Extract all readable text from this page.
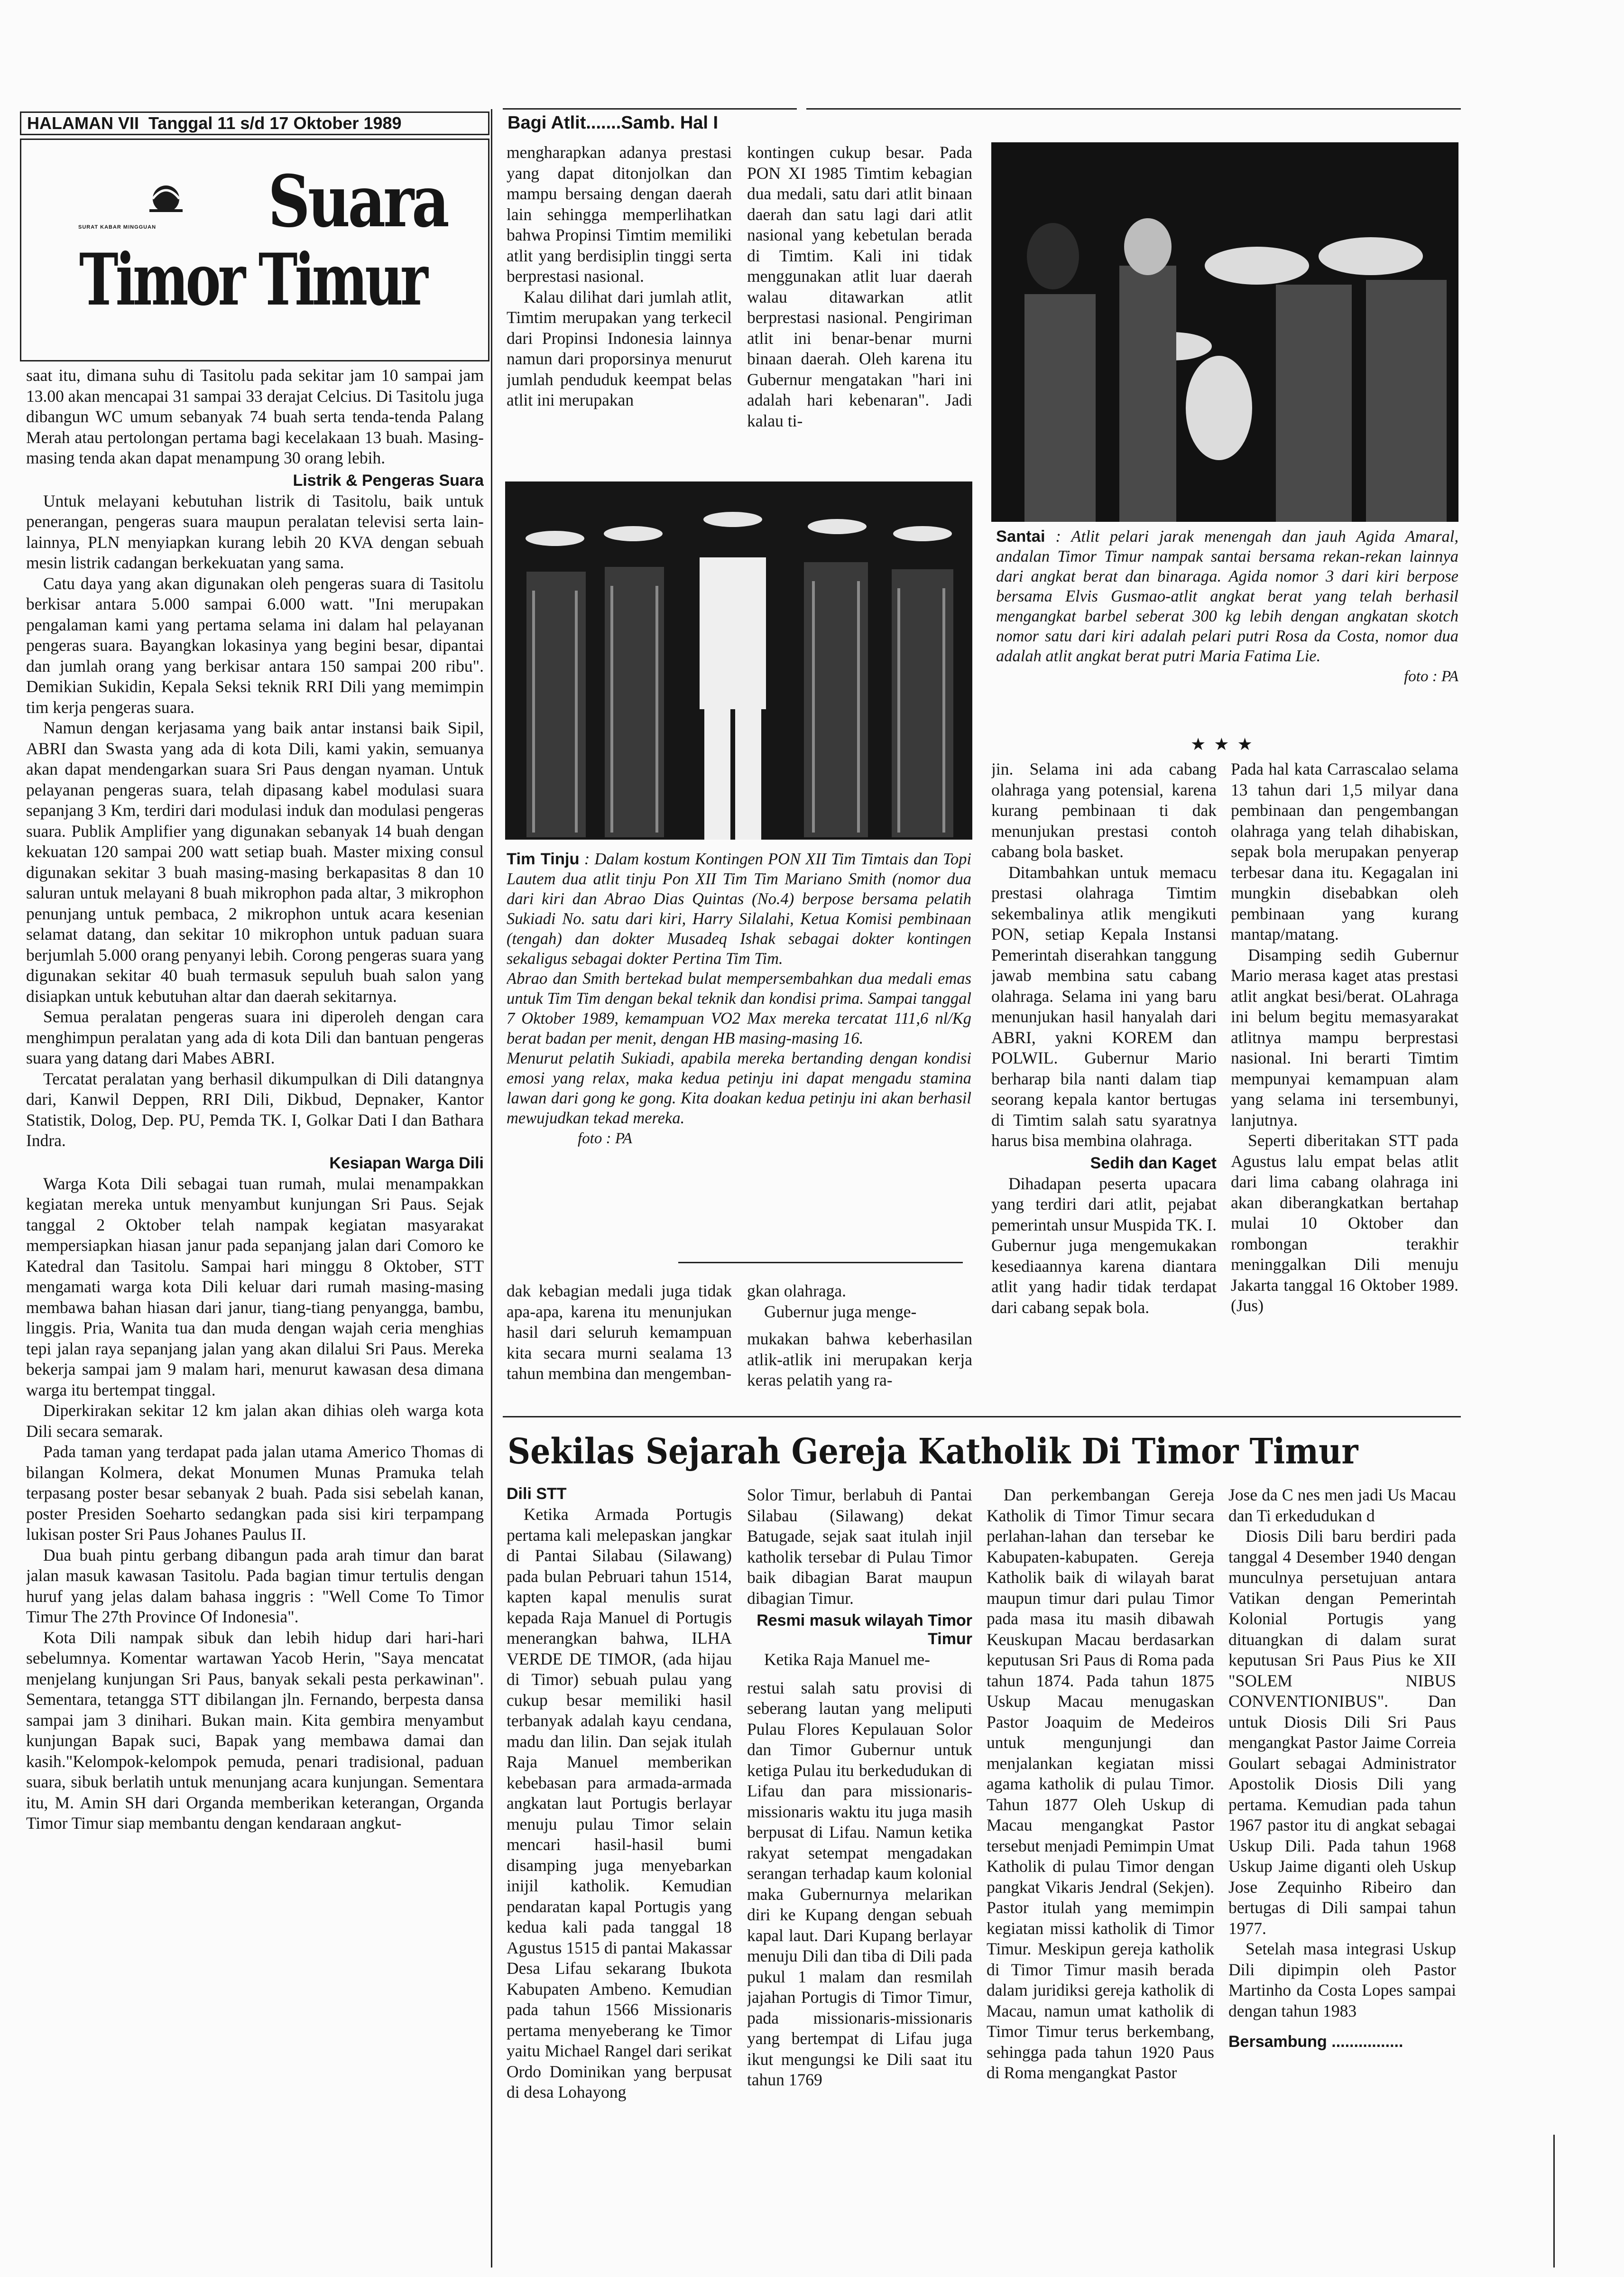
HALAMAN VII  Tanggal 11 s/d 17 Oktober 1989
SURAT KABAR MINGGUAN Suara
Timor Timur

saat itu, dimana suhu di Tasitolu pada sekitar jam 10 sampai jam 13.00 akan mencapai 31 sampai 33 derajat Celcius. Di Tasitolu juga dibangun WC umum sebanyak 74 buah serta tenda-tenda Palang Merah atau pertolongan pertama bagi kecelakaan 13 buah. Masing-masing tenda akan dapat menampung 30 orang lebih.

Listrik & Pengeras Suara

Untuk melayani kebutuhan listrik di Tasitolu, baik untuk penerangan, pengeras suara maupun peralatan televisi serta lain-lainnya, PLN menyiapkan kurang lebih 20 KVA dengan sebuah mesin listrik cadangan berkekuatan yang sama.

Catu daya yang akan digunakan oleh pengeras suara di Tasitolu berkisar antara 5.000 sampai 6.000 watt. "Ini merupakan pengalaman kami yang pertama selama ini dalam hal pelayanan pengeras suara. Bayangkan lokasinya yang begini besar, dipantai dan jumlah orang yang berkisar antara 150 sampai 200 ribu". Demikian Sukidin, Kepala Seksi teknik RRI Dili yang memimpin tim kerja pengeras suara.

Namun dengan kerjasama yang baik antar instansi baik Sipil, ABRI dan Swasta yang ada di kota Dili, kami yakin, semuanya akan dapat mendengarkan suara Sri Paus dengan nyaman. Untuk pelayanan pengeras suara, telah dipasang kabel modulasi suara sepanjang 3 Km, terdiri dari modulasi induk dan modulasi pengeras suara. Publik Amplifier yang digunakan sebanyak 14 buah dengan kekuatan 120 sampai 200 watt setiap buah. Master mixing consul digunakan sekitar 3 buah masing-masing berkapasitas 8 dan 10 saluran untuk melayani 8 buah mikrophon pada altar, 3 mikrophon penunjang untuk pembaca, 2 mikrophon untuk acara kesenian selamat datang, dan sekitar 10 mikrophon untuk paduan suara berjumlah 5.000 orang penyanyi lebih. Corong pengeras suara yang digunakan sekitar 40 buah termasuk sepuluh buah salon yang disiapkan untuk kebutuhan altar dan daerah sekitarnya.

Semua peralatan pengeras suara ini diperoleh dengan cara menghimpun peralatan yang ada di kota Dili dan bantuan pengeras suara yang datang dari Mabes ABRI.

Tercatat peralatan yang berhasil dikumpulkan di Dili datangnya dari, Kanwil Deppen, RRI Dili, Dikbud, Depnaker, Kantor Statistik, Dolog, Dep. PU, Pemda TK. I, Golkar Dati I dan Bathara Indra.

Kesiapan Warga Dili

Warga Kota Dili sebagai tuan rumah, mulai menampakkan kegiatan mereka untuk menyambut kunjungan Sri Paus. Sejak tanggal 2 Oktober telah nampak kegiatan masyarakat mempersiapkan hiasan janur pada sepanjang jalan dari Comoro ke Katedral dan Tasitolu. Sampai hari minggu 8 Oktober, STT mengamati warga kota Dili keluar dari rumah masing-masing membawa bahan hiasan dari janur, tiang-tiang penyangga, bambu, linggis. Pria, Wanita tua dan muda dengan wajah ceria menghias tepi jalan raya sepanjang jalan yang akan dilalui Sri Paus. Mereka bekerja sampai jam 9 malam hari, menurut kawasan desa dimana warga itu bertempat tinggal.

Diperkirakan sekitar 12 km jalan akan dihias oleh warga kota Dili secara semarak.

Pada taman yang terdapat pada jalan utama Americo Thomas di bilangan Kolmera, dekat Monumen Munas Pramuka telah terpasang poster besar sebanyak 2 buah. Pada sisi sebelah kanan, poster Presiden Soeharto sedangkan pada sisi kiri terpampang lukisan poster Sri Paus Johanes Paulus II.

Dua buah pintu gerbang dibangun pada arah timur dan barat jalan masuk kawasan Tasitolu. Pada bagian timur tertulis dengan huruf yang jelas dalam bahasa inggris : "Well Come To Timor Timur The 27th Province Of Indonesia".

Kota Dili nampak sibuk dan lebih hidup dari hari-hari sebelumnya. Komentar wartawan Yacob Herin, "Saya mencatat menjelang kunjungan Sri Paus, banyak sekali pesta perkawinan". Sementara, tetangga STT dibilangan jln. Fernando, berpesta dansa sampai jam 3 dinihari. Bukan main. Kita gembira menyambut kunjungan Bapak suci, Bapak yang membawa damai dan kasih."Kelompok-kelompok pemuda, penari tradisional, paduan suara, sibuk berlatih untuk menunjang acara kunjungan. Sementara itu, M. Amin SH dari Organda memberikan keterangan, Organda Timor Timur siap membantu dengan kendaraan angkut-

Bagi Atlit.......Samb. Hal I

mengharapkan adanya prestasi yang dapat ditonjolkan dan mampu bersaing dengan daerah lain sehingga memperlihatkan bahwa Propinsi Timtim memiliki atlit yang berdisiplin tinggi serta berprestasi nasional.

Kalau dilihat dari jumlah atlit, Timtim merupakan yang terkecil dari Propinsi Indonesia lainnya namun dari proporsinya menurut jumlah penduduk keempat belas atlit ini merupakan

kontingen cukup besar. Pada PON XI 1985 Timtim kebagian dua medali, satu dari atlit binaan daerah dan satu lagi dari atlit nasional yang kebetulan berada di Timtim. Kali ini tidak menggunakan atlit luar daerah walau ditawarkan atlit berprestasi nasional. Pengiriman atlit ini benar-benar murni binaan daerah. Oleh karena itu Gubernur mengatakan "hari ini adalah hari kebenaran". Jadi kalau ti-

Santai : Atlit pelari jarak menengah dan jauh Agida Amaral, andalan Timor Timur nampak santai bersama rekan-rekan lainnya dari angkat berat dan binaraga. Agida nomor 3 dari kiri berpose bersama Elvis Gusmao-atlit angkat berat yang telah berhasil mengangkat barbel seberat 300 kg lebih dengan angkatan skotch nomor satu dari kiri adalah pelari putri Rosa da Costa, nomor dua adalah atlit angkat berat putri Maria Fatima Lie.

foto : PA

★ ★ ★

Tim Tinju : Dalam kostum Kontingen PON XII Tim Timtais dan Topi Lautem dua atlit tinju Pon XII Tim Tim Mariano Smith (nomor dua dari kiri dan Abrao Dias Quintas (No.4) berpose bersama pelatih Sukiadi No. satu dari kiri, Harry Silalahi, Ketua Komisi pembinaan (tengah) dan dokter Musadeq Ishak sebagai dokter kontingen sekaligus sebagai dokter Pertina Tim Tim.

Abrao dan Smith bertekad bulat mempersembahkan dua medali emas untuk Tim Tim dengan bekal teknik dan kondisi prima. Sampai tanggal 7 Oktober 1989, kemampuan VO2 Max mereka tercatat 111,6 nl/Kg berat badan per menit, dengan HB masing-masing 16.

Menurut pelatih Sukiadi, apabila mereka bertanding dengan kondisi emosi yang relax, maka kedua petinju ini dapat mengadu stamina lawan dari gong ke gong. Kita doakan kedua petinju ini akan berhasil mewujudkan tekad mereka.

foto : PA

dak kebagian medali juga tidak apa-apa, karena itu menunjukan hasil dari seluruh kemampuan kita secara murni sealama 13 tahun membina dan mengemban-

gkan olahraga.

Gubernur juga menge-

mukakan bahwa keberhasilan atlik-atlik ini merupakan kerja keras pelatih yang ra-

jin. Selama ini ada cabang olahraga yang potensial, karena kurang pembinaan ti dak menunjukan prestasi contoh cabang bola basket.

Ditambahkan untuk memacu prestasi olahraga Timtim sekembalinya atlik mengikuti PON, setiap Kepala Instansi Pemerintah diserahkan tanggung jawab membina satu cabang olahraga. Selama ini yang baru menunjukan hasil hanyalah dari ABRI, yakni KOREM dan POLWIL. Gubernur Mario berharap bila nanti dalam tiap seorang kepala kantor bertugas di Timtim salah satu syaratnya harus bisa membina olahraga.

Sedih dan Kaget

Dihadapan peserta upacara yang terdiri dari atlit, pejabat pemerintah unsur Muspida TK. I. Gubernur juga mengemukakan kesediaannya karena diantara atlit yang hadir tidak terdapat dari cabang sepak bola.

Pada hal kata Carrascalao selama 13 tahun dari 1,5 milyar dana pembinaan dan pengembangan olahraga yang telah dihabiskan, sepak bola merupakan penyerap terbesar dana itu. Kegagalan ini mungkin disebabkan oleh pembinaan yang kurang mantap/matang.

Disamping sedih Gubernur Mario merasa kaget atas prestasi atlit angkat besi/berat. OLahraga ini belum begitu memasyarakat atlitnya mampu berprestasi nasional. Ini berarti Timtim mempunyai kemampuan alam yang selama ini tersembunyi, lanjutnya.

Seperti diberitakan STT pada Agustus lalu empat belas atlit dari lima cabang olahraga ini akan diberangkatkan bertahap mulai 10 Oktober dan rombongan terakhir meninggalkan Dili menuju Jakarta tanggal 16 Oktober 1989. (Jus)

Sekilas Sejarah Gereja Katholik Di Timor Timur
Dili STT

Ketika Armada Portugis pertama kali melepaskan jangkar di Pantai Silabau (Silawang) pada bulan Pebruari tahun 1514, kapten kapal menulis surat kepada Raja Manuel di Portugis menerangkan bahwa, ILHA VERDE DE TIMOR, (ada hijau di Timor) sebuah pulau yang cukup besar memiliki hasil terbanyak adalah kayu cendana, madu dan lilin. Dan sejak itulah Raja Manuel memberikan kebebasan para armada-armada angkatan laut Portugis berlayar menuju pulau Timor selain mencari hasil-hasil bumi disamping juga menyebarkan inijil katholik. Kemudian pendaratan kapal Portugis yang kedua kali pada tanggal 18 Agustus 1515 di pantai Makassar Desa Lifau sekarang Ibukota Kabupaten Ambeno. Kemudian pada tahun 1566 Missionaris pertama menyeberang ke Timor yaitu Michael Rangel dari serikat Ordo Dominikan yang berpusat di desa Lohayong

Solor Timur, berlabuh di Pantai Silabau (Silawang) dekat Batugade, sejak saat itulah injil katholik tersebar di Pulau Timor baik dibagian Barat maupun dibagian Timur.

Resmi masuk wilayah Timor Timur

Ketika Raja Manuel me-

restui salah satu provisi di seberang lautan yang meliputi Pulau Flores Kepulauan Solor dan Timor Gubernur untuk ketiga Pulau itu berkedudukan di Lifau dan para missionaris-missionaris waktu itu juga masih berpusat di Lifau. Namun ketika rakyat setempat mengadakan serangan terhadap kaum kolonial maka Gubernurnya melarikan diri ke Kupang dengan sebuah kapal laut. Dari Kupang berlayar menuju Dili dan tiba di Dili pada pukul 1 malam dan resmilah jajahan Portugis di Timor Timur, pada missionaris-missionaris yang bertempat di Lifau juga ikut mengungsi ke Dili saat itu tahun 1769

Dan perkembangan Gereja Katholik di Timor Timur secara perlahan-lahan dan tersebar ke Kabupaten-kabupaten. Gereja Katholik baik di wilayah barat maupun timur dari pulau Timor pada masa itu masih dibawah Keuskupan Macau berdasarkan keputusan Sri Paus di Roma pada tahun 1874. Pada tahun 1875 Uskup Macau menugaskan Pastor Joaquim de Medeiros untuk mengunjungi dan menjalankan kegiatan missi agama katholik di pulau Timor. Tahun 1877 Oleh Uskup di Macau mengangkat Pastor tersebut menjadi Pemimpin Umat Katholik di pulau Timor dengan pangkat Vikaris Jendral (Sekjen). Pastor itulah yang memimpin kegiatan missi katholik di Timor Timur. Meskipun gereja katholik di Timor Timur masih berada dalam juridiksi gereja katholik di Macau, namun umat katholik di Timor Timur terus berkembang, sehingga pada tahun 1920 Paus di Roma mengangkat Pastor

Jose da C nes men jadi Us Macau dan Ti erkedudukan d

Diosis Dili baru berdiri pada tanggal 4 Desember 1940 dengan munculnya persetujuan antara Vatikan dengan Pemerintah Kolonial Portugis yang dituangkan di dalam surat keputusan Sri Paus Pius ke XII "SOLEM NIBUS CONVENTIONIBUS". Dan untuk Diosis Dili Sri Paus mengangkat Pastor Jaime Correia Goulart sebagai Administrator Apostolik Diosis Dili yang pertama. Kemudian pada tahun 1967 pastor itu di angkat sebagai Uskup Dili. Pada tahun 1968 Uskup Jaime diganti oleh Uskup Jose Zequinho Ribeiro dan bertugas di Dili sampai tahun 1977.

Setelah masa integrasi Uskup Dili dipimpin oleh Pastor Martinho da Costa Lopes sampai dengan tahun 1983

Bersambung ................
